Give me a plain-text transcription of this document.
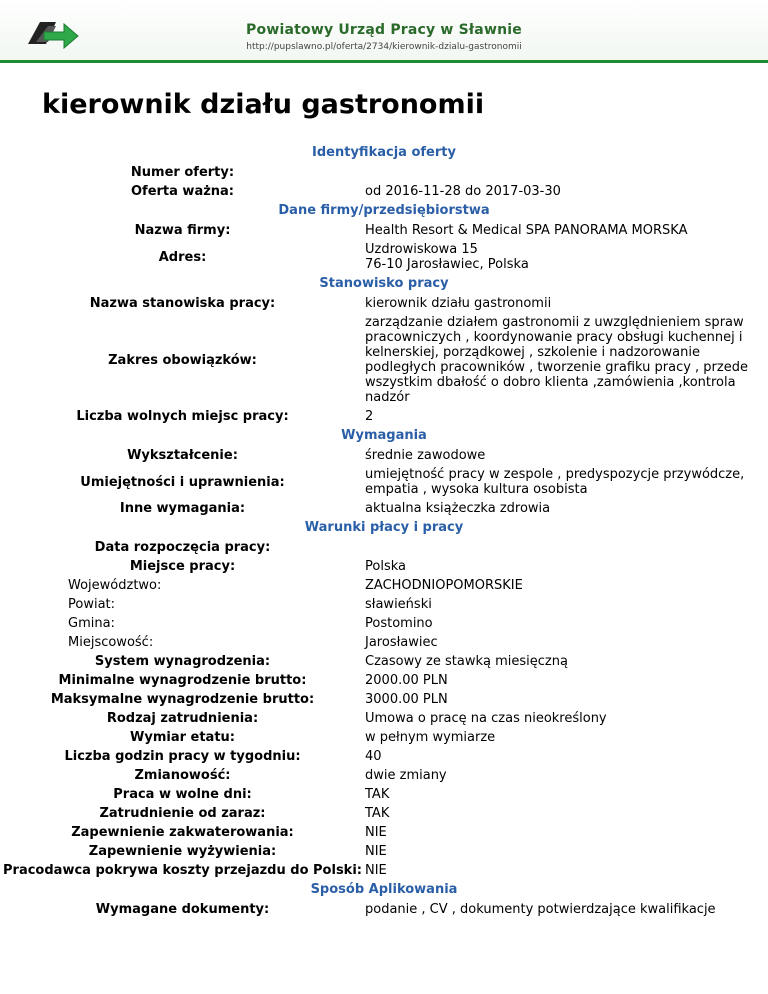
Powiatowy Urząd Pracy w Sławnie
http://pupslawno.pl/oferta/2734/kierownik-dzialu-gastronomii
kierownik działu gastronomii
Identyfikacja oferty
Numer oferty:
Oferta ważna:	od 2016-11-28 do 2017-03-30
Dane firmy/przedsiębiorstwa
Nazwa firmy:	Health Resort & Medical SPA PANORAMA MORSKA
Adres:	Uzdrowiskowa 15
76-10 Jarosławiec, Polska
Stanowisko pracy
Nazwa stanowiska pracy:	kierownik działu gastronomii
Zakres obowiązków:
zarządzanie działem gastronomii z uwzględnieniem spraw pracowniczych , koordynowanie pracy obsługi kuchennej i kelnerskiej, porządkowej , szkolenie i nadzorowanie podległych pracowników , tworzenie grafiku pracy , przede wszystkim dbałość o dobro klienta ,zamówienia ,kontrola nadzór
Liczba wolnych miejsc pracy:	2
Wymagania
Wykształcenie:	średnie zawodowe
Umiejętności i uprawnienia:	umiejętność pracy w zespole , predyspozycje przywódcze, empatia , wysoka kultura osobista
Inne wymagania:	aktualna książeczka zdrowia
Warunki płacy i pracy
Data rozpoczęcia pracy:
Miejsce pracy:	Polska
Województwo:	ZACHODNIOPOMORSKIE
Powiat:	sławieński
Gmina:	Postomino
Miejscowość:	Jarosławiec
System wynagrodzenia:	Czasowy ze stawką miesięczną
Minimalne wynagrodzenie brutto:	2000.00 PLN
Maksymalne wynagrodzenie brutto:	3000.00 PLN
Rodzaj zatrudnienia:	Umowa o pracę na czas nieokreślony
Wymiar etatu:	w pełnym wymiarze
Liczba godzin pracy w tygodniu:	40
Zmianowość:	dwie zmiany
Praca w wolne dni:	TAK
Zatrudnienie od zaraz:	TAK
Zapewnienie zakwaterowania:	NIE
Zapewnienie wyżywienia:	NIE
Pracodawca pokrywa koszty przejazdu do Polski: NIE
Sposób Aplikowania
Wymagane dokumenty:	podanie , CV , dokumenty potwierdzające kwalifikacje
